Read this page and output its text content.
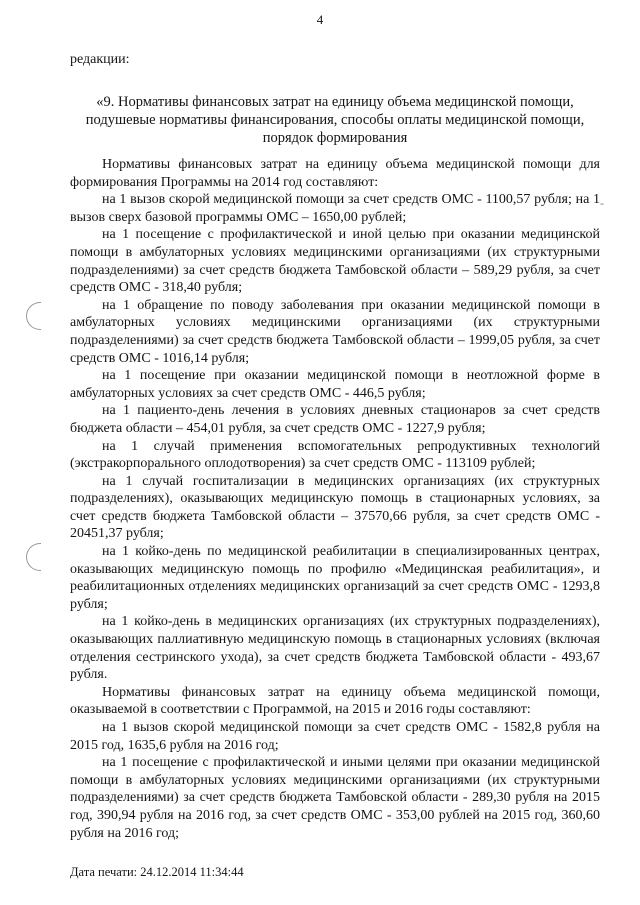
4
редакции:
«9. Нормативы финансовых затрат на единицу объема медицинской помощи, подушевые нормативы финансирования, способы оплаты медицинской помощи, порядок формирования

Нормативы финансовых затрат на единицу объема медицинской помощи для формирования Программы на 2014 год составляют:

на 1 вызов скорой медицинской помощи за счет средств ОМС - 1100,57 рубля; на 1 вызов сверх базовой программы ОМС – 1650,00 рублей;

на 1 посещение с профилактической и иной целью при оказании медицинской помощи в амбулаторных условиях медицинскими организациями (их структурными подразделениями) за счет средств бюджета Тамбовской области – 589,29 рубля, за счет средств ОМС - 318,40 рубля;

на 1 обращение по поводу заболевания при оказании медицинской помощи в амбулаторных условиях медицинскими организациями (их структурными подразделениями) за счет средств бюджета Тамбовской области – 1999,05 рубля, за счет средств ОМС - 1016,14 рубля;

на 1 посещение при оказании медицинской помощи в неотложной форме в амбулаторных условиях за счет средств ОМС - 446,5 рубля;

на 1 пациенто-день лечения в условиях дневных стационаров за счет средств бюджета области – 454,01 рубля, за счет средств ОМС - 1227,9 рубля;

на 1 случай применения вспомогательных репродуктивных технологий (экстракорпорального оплодотворения) за счет средств ОМС - 113109 рублей;

на 1 случай госпитализации в медицинских организациях (их структурных подразделениях), оказывающих медицинскую помощь в стационарных условиях, за счет средств бюджета Тамбовской области – 37570,66 рубля, за счет средств ОМС - 20451,37 рубля;

на 1 койко-день по медицинской реабилитации в специализированных центрах, оказывающих медицинскую помощь по профилю «Медицинская реабилитация», и реабилитационных отделениях медицинских организаций за счет средств ОМС - 1293,8 рубля;

на 1 койко-день в медицинских организациях (их структурных подразделениях), оказывающих паллиативную медицинскую помощь в стационарных условиях (включая отделения сестринского ухода), за счет средств бюджета Тамбовской области - 493,67 рубля.

Нормативы финансовых затрат на единицу объема медицинской помощи, оказываемой в соответствии с Программой, на 2015 и 2016 годы составляют:

на 1 вызов скорой медицинской помощи за счет средств ОМС - 1582,8 рубля на 2015 год, 1635,6 рубля на 2016 год;

на 1 посещение с профилактической и иными целями при оказании медицинской помощи в амбулаторных условиях медицинскими организациями (их структурными подразделениями) за счет средств бюджета Тамбовской области - 289,30 рубля на 2015 год, 390,94 рубля на 2016 год, за счет средств ОМС - 353,00 рублей на 2015 год, 360,60 рубля на 2016 год;

Дата печати: 24.12.2014 11:34:44
-
